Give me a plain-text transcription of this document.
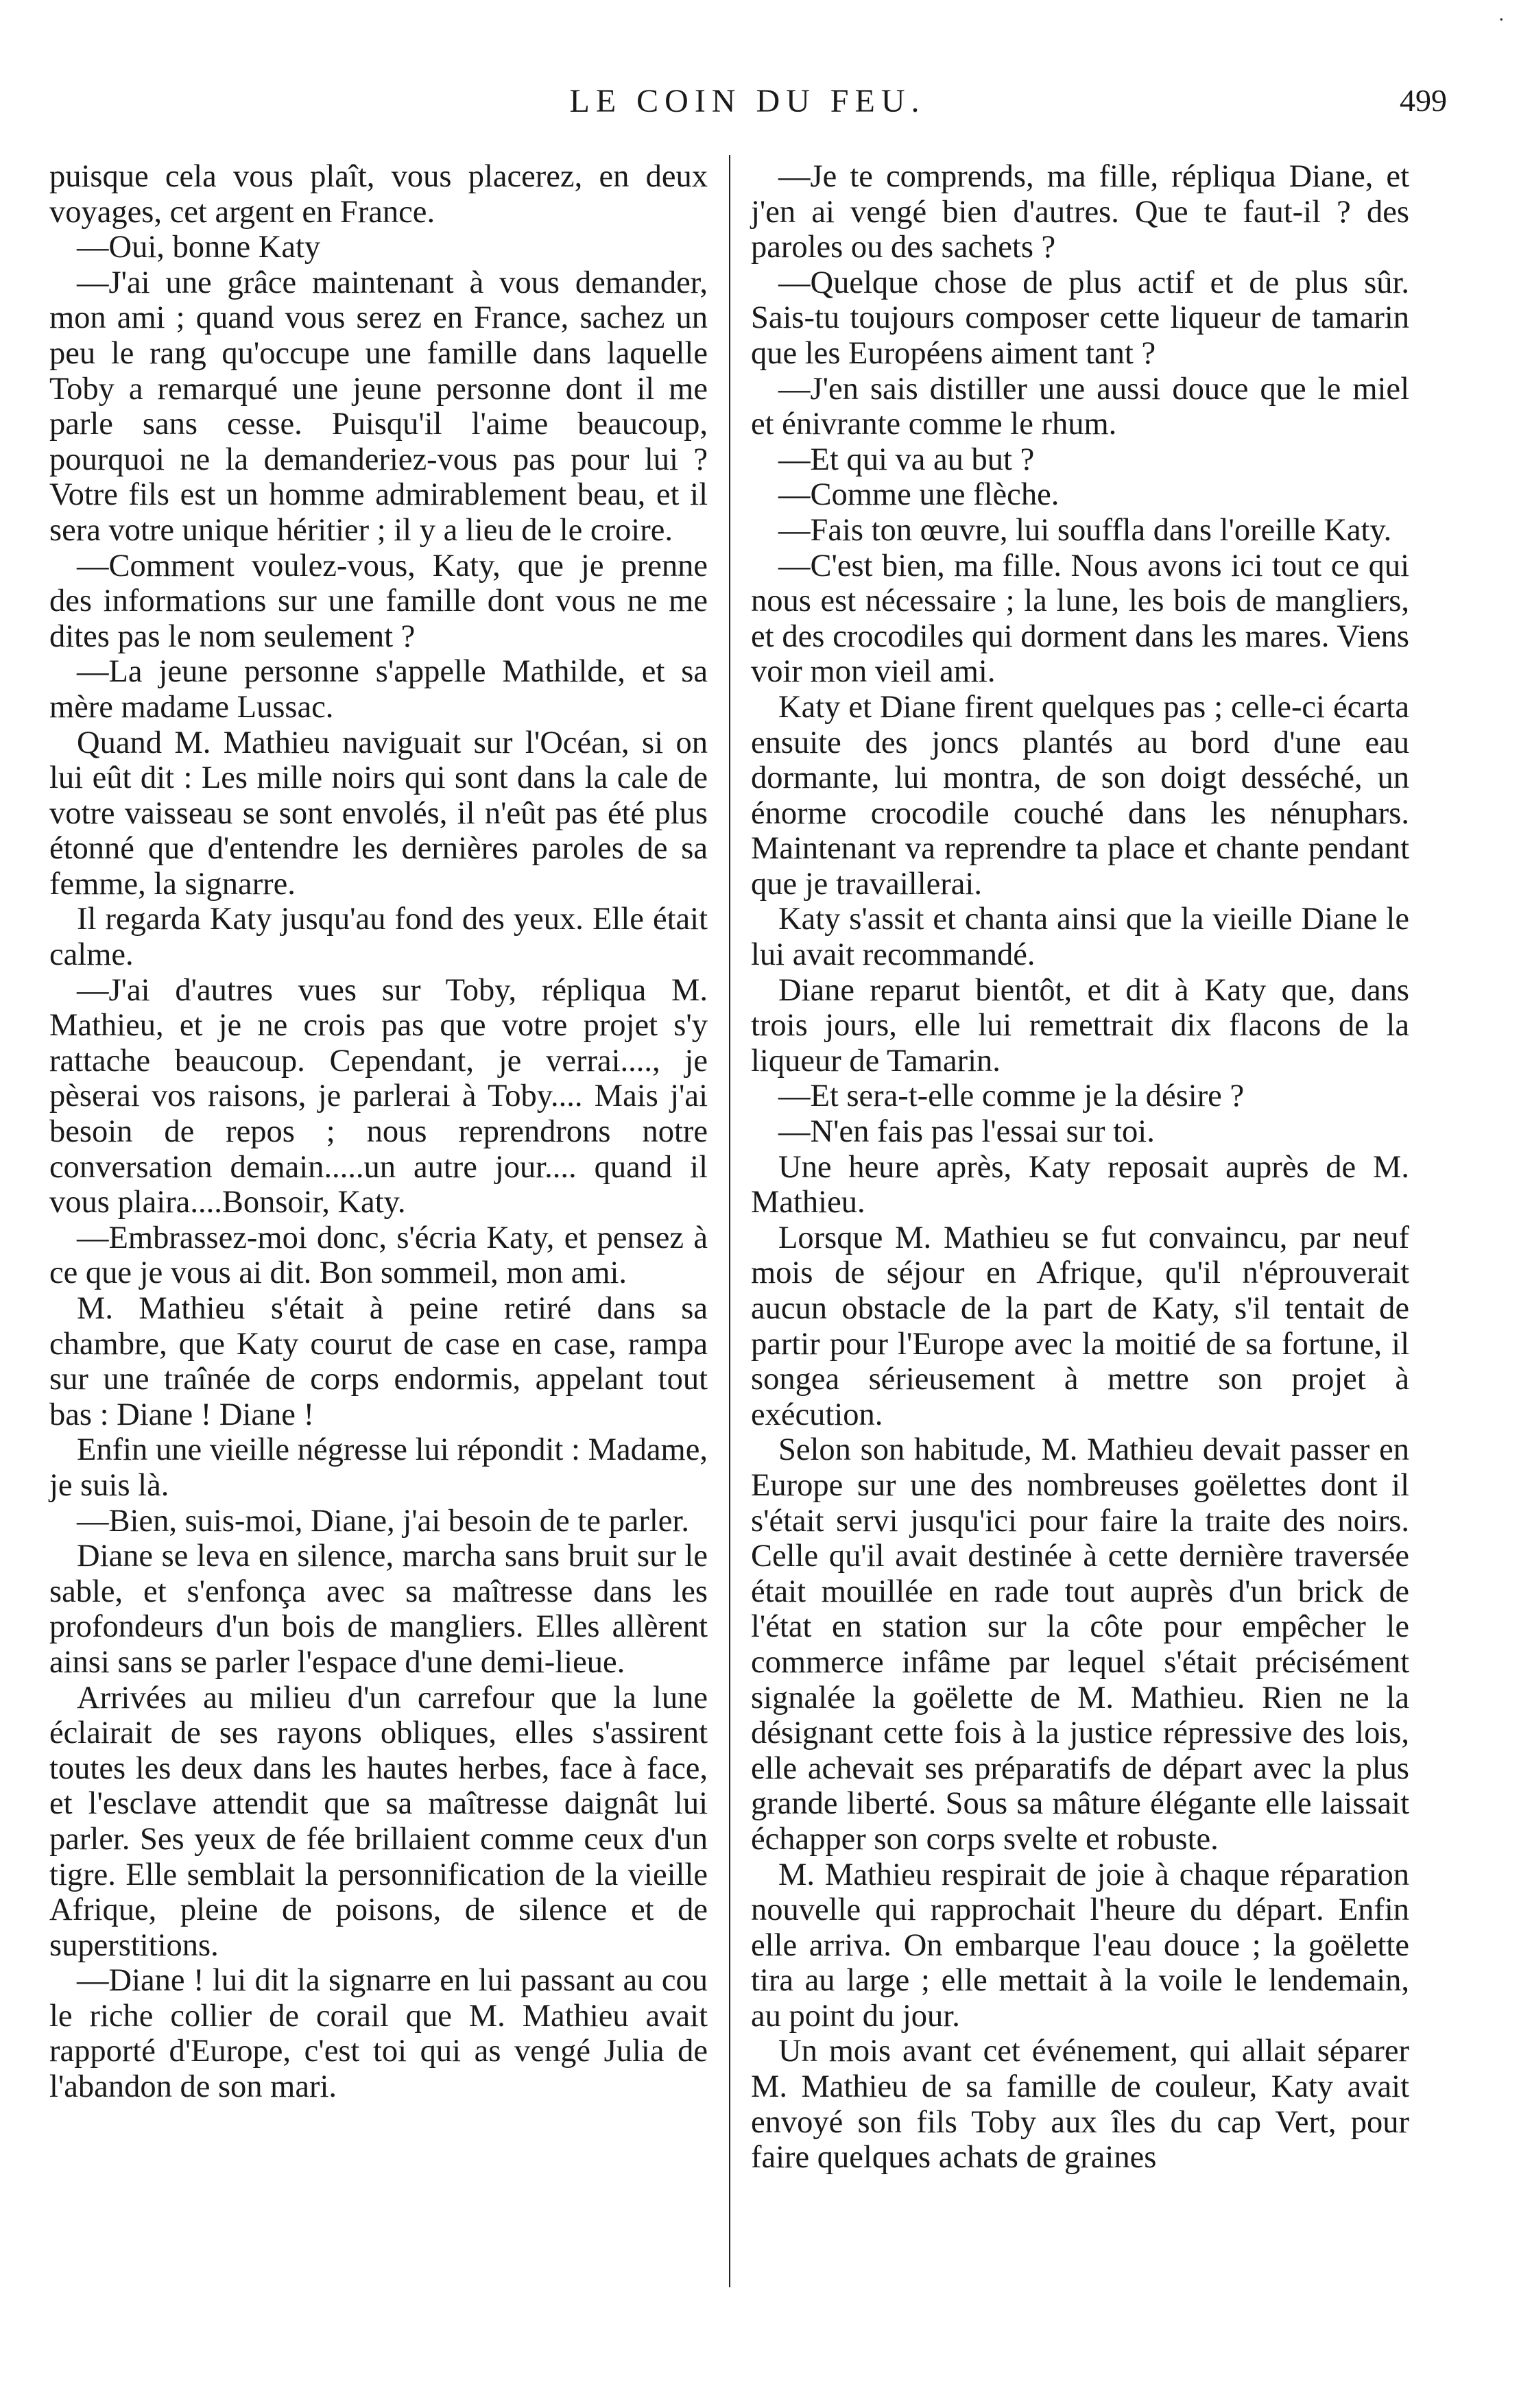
·
LE COIN DU FEU.	499

puisque cela vous plaît, vous placerez, en deux voyages, cet argent en France.

—Oui, bonne Katy

—J'ai une grâce maintenant à vous demander, mon ami ; quand vous serez en France, sachez un peu le rang qu'occupe une famille dans laquelle Toby a remarqué une jeune personne dont il me parle sans cesse. Puisqu'il l'aime beaucoup, pourquoi ne la demanderiez-vous pas pour lui ? Votre fils est un homme admirablement beau, et il sera votre unique héritier ; il y a lieu de le croire.

—Comment voulez-vous, Katy, que je prenne des informations sur une famille dont vous ne me dites pas le nom seulement ?

—La jeune personne s'appelle Mathilde, et sa mère madame Lussac.

Quand M. Mathieu naviguait sur l'Océan, si on lui eût dit : Les mille noirs qui sont dans la cale de votre vaisseau se sont envolés, il n'eût pas été plus étonné que d'entendre les dernières paroles de sa femme, la signarre.

Il regarda Katy jusqu'au fond des yeux. Elle était calme.

—J'ai d'autres vues sur Toby, répliqua M. Mathieu, et je ne crois pas que votre projet s'y rattache beaucoup. Cependant, je verrai...., je pèserai vos raisons, je parlerai à Toby.... Mais j'ai besoin de repos ; nous reprendrons notre conversation demain.....un autre jour.... quand il vous plaira....Bonsoir, Katy.

—Embrassez-moi donc, s'écria Katy, et pensez à ce que je vous ai dit. Bon sommeil, mon ami.

M. Mathieu s'était à peine retiré dans sa chambre, que Katy courut de case en case, rampa sur une traînée de corps endormis, appelant tout bas : Diane ! Diane !

Enfin une vieille négresse lui répondit : Madame, je suis là.

—Bien, suis-moi, Diane, j'ai besoin de te parler.

Diane se leva en silence, marcha sans bruit sur le sable, et s'enfonça avec sa maîtresse dans les profondeurs d'un bois de mangliers. Elles allèrent ainsi sans se parler l'espace d'une demi-lieue.

Arrivées au milieu d'un carrefour que la lune éclairait de ses rayons obliques, elles s'assirent toutes les deux dans les hautes herbes, face à face, et l'esclave attendit que sa maîtresse daignât lui parler. Ses yeux de fée brillaient comme ceux d'un tigre. Elle semblait la personnification de la vieille Afrique, pleine de poisons, de silence et de superstitions.

—Diane ! lui dit la signarre en lui passant au cou le riche collier de corail que M. Mathieu avait rapporté d'Europe, c'est toi qui as vengé Julia de l'abandon de son mari.

—Je te comprends, ma fille, répliqua Diane, et j'en ai vengé bien d'autres. Que te faut-il ? des paroles ou des sachets ?

—Quelque chose de plus actif et de plus sûr. Sais-tu toujours composer cette liqueur de tamarin que les Européens aiment tant ?

—J'en sais distiller une aussi douce que le miel et énivrante comme le rhum.

—Et qui va au but ?

—Comme une flèche.

—Fais ton œuvre, lui souffla dans l'oreille Katy.

—C'est bien, ma fille. Nous avons ici tout ce qui nous est nécessaire ; la lune, les bois de mangliers, et des crocodiles qui dorment dans les mares. Viens voir mon vieil ami.

Katy et Diane firent quelques pas ; celle-ci écarta ensuite des joncs plantés au bord d'une eau dormante, lui montra, de son doigt desséché, un énorme crocodile couché dans les nénuphars. Maintenant va reprendre ta place et chante pendant que je travaillerai.

Katy s'assit et chanta ainsi que la vieille Diane le lui avait recommandé.

Diane reparut bientôt, et dit à Katy que, dans trois jours, elle lui remettrait dix flacons de la liqueur de Tamarin.

—Et sera-t-elle comme je la désire ?

—N'en fais pas l'essai sur toi.

Une heure après, Katy reposait auprès de M. Mathieu.

Lorsque M. Mathieu se fut convaincu, par neuf mois de séjour en Afrique, qu'il n'éprouverait aucun obstacle de la part de Katy, s'il tentait de partir pour l'Europe avec la moitié de sa fortune, il songea sérieusement à mettre son projet à exécution.

Selon son habitude, M. Mathieu devait passer en Europe sur une des nombreuses goëlettes dont il s'était servi jusqu'ici pour faire la traite des noirs. Celle qu'il avait destinée à cette dernière traversée était mouillée en rade tout auprès d'un brick de l'état en station sur la côte pour empêcher le commerce infâme par lequel s'était précisément signalée la goëlette de M. Mathieu. Rien ne la désignant cette fois à la justice répressive des lois, elle achevait ses préparatifs de départ avec la plus grande liberté. Sous sa mâture élégante elle laissait échapper son corps svelte et robuste.

M. Mathieu respirait de joie à chaque réparation nouvelle qui rapprochait l'heure du départ. Enfin elle arriva. On embarque l'eau douce ; la goëlette tira au large ; elle mettait à la voile le lendemain, au point du jour.

Un mois avant cet événement, qui allait séparer M. Mathieu de sa famille de couleur, Katy avait envoyé son fils Toby aux îles du cap Vert, pour faire quelques achats de graines
